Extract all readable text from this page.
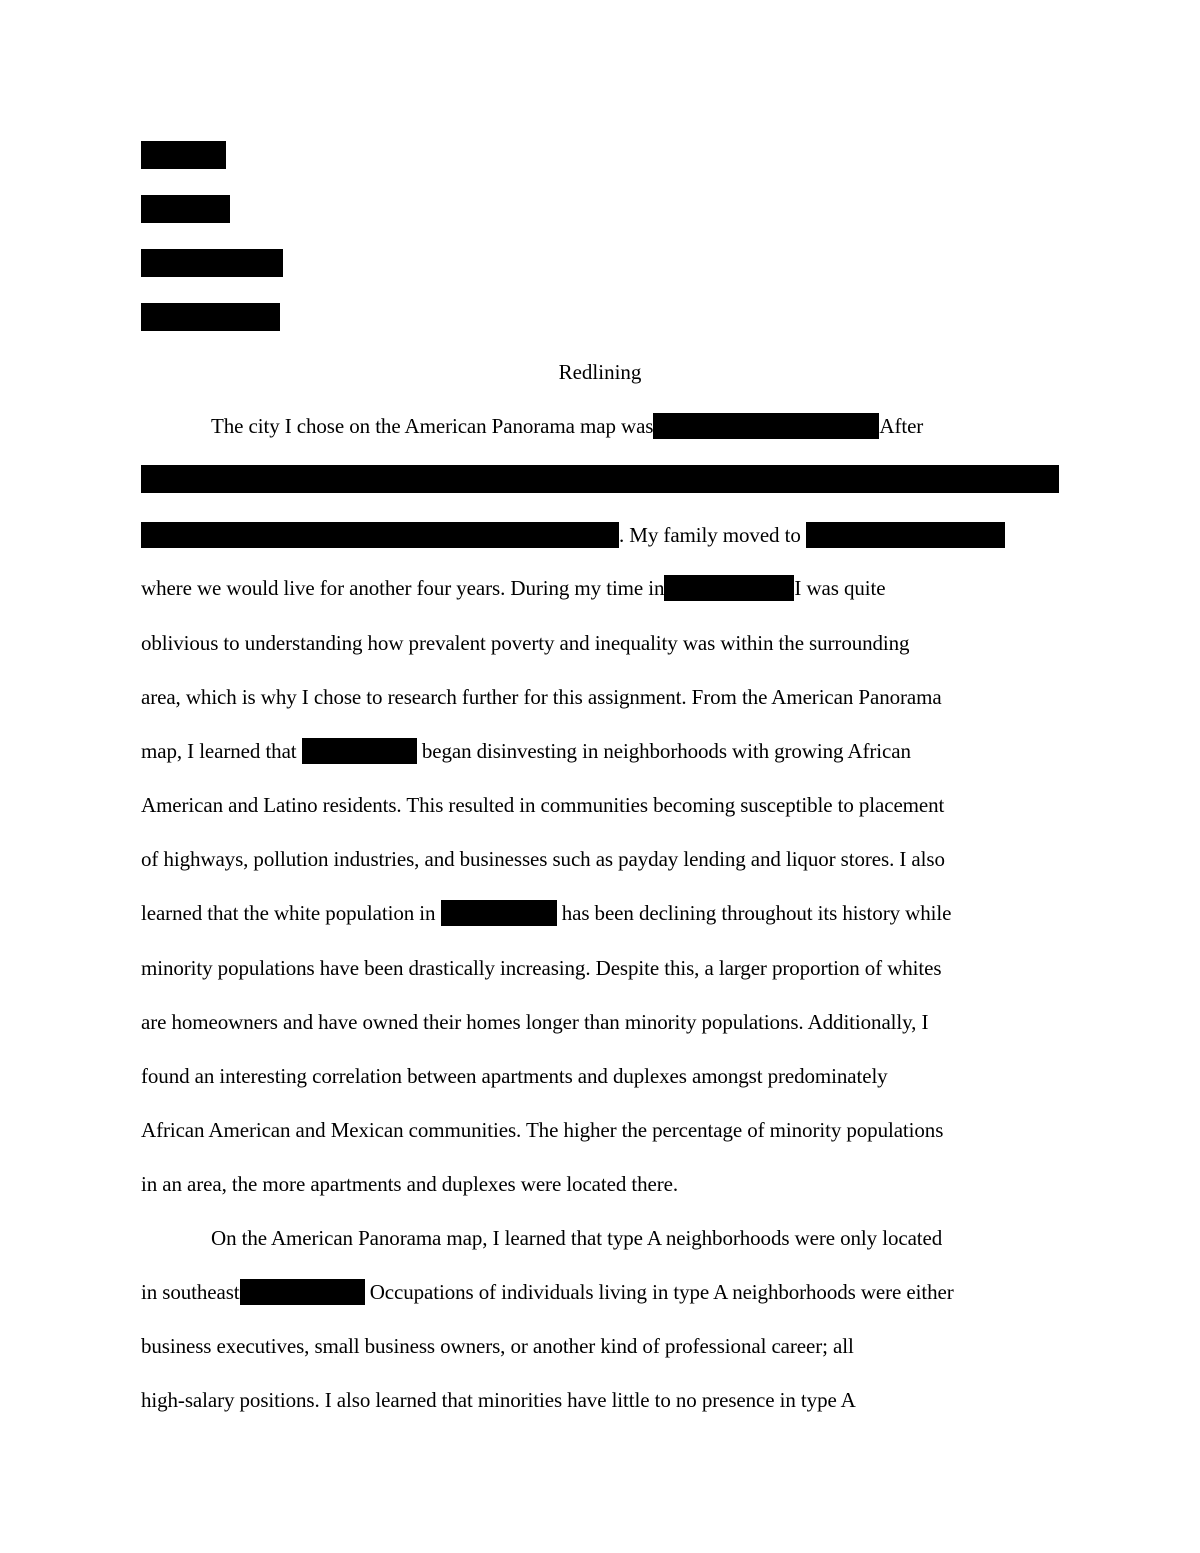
Redlining
The city I chose on the American Panorama map was	After
. My family moved to
where we would live for another four years. During my time in	I was quite
oblivious to understanding how prevalent poverty and inequality was within the surrounding
area, which is why I chose to research further for this assignment. From the American Panorama
map, I learned that	began disinvesting in neighborhoods with growing African
American and Latino residents. This resulted in communities becoming susceptible to placement
of highways, pollution industries, and businesses such as payday lending and liquor stores. I also
learned that the white population in	has been declining throughout its history while
minority populations have been drastically increasing. Despite this, a larger proportion of whites
are homeowners and have owned their homes longer than minority populations. Additionally, I
found an interesting correlation between apartments and duplexes amongst predominately
African American and Mexican communities. The higher the percentage of minority populations
in an area, the more apartments and duplexes were located there.
On the American Panorama map, I learned that type A neighborhoods were only located
in southeast	Occupations of individuals living in type A neighborhoods were either
business executives, small business owners, or another kind of professional career; all
high-salary positions. I also learned that minorities have little to no presence in type A
